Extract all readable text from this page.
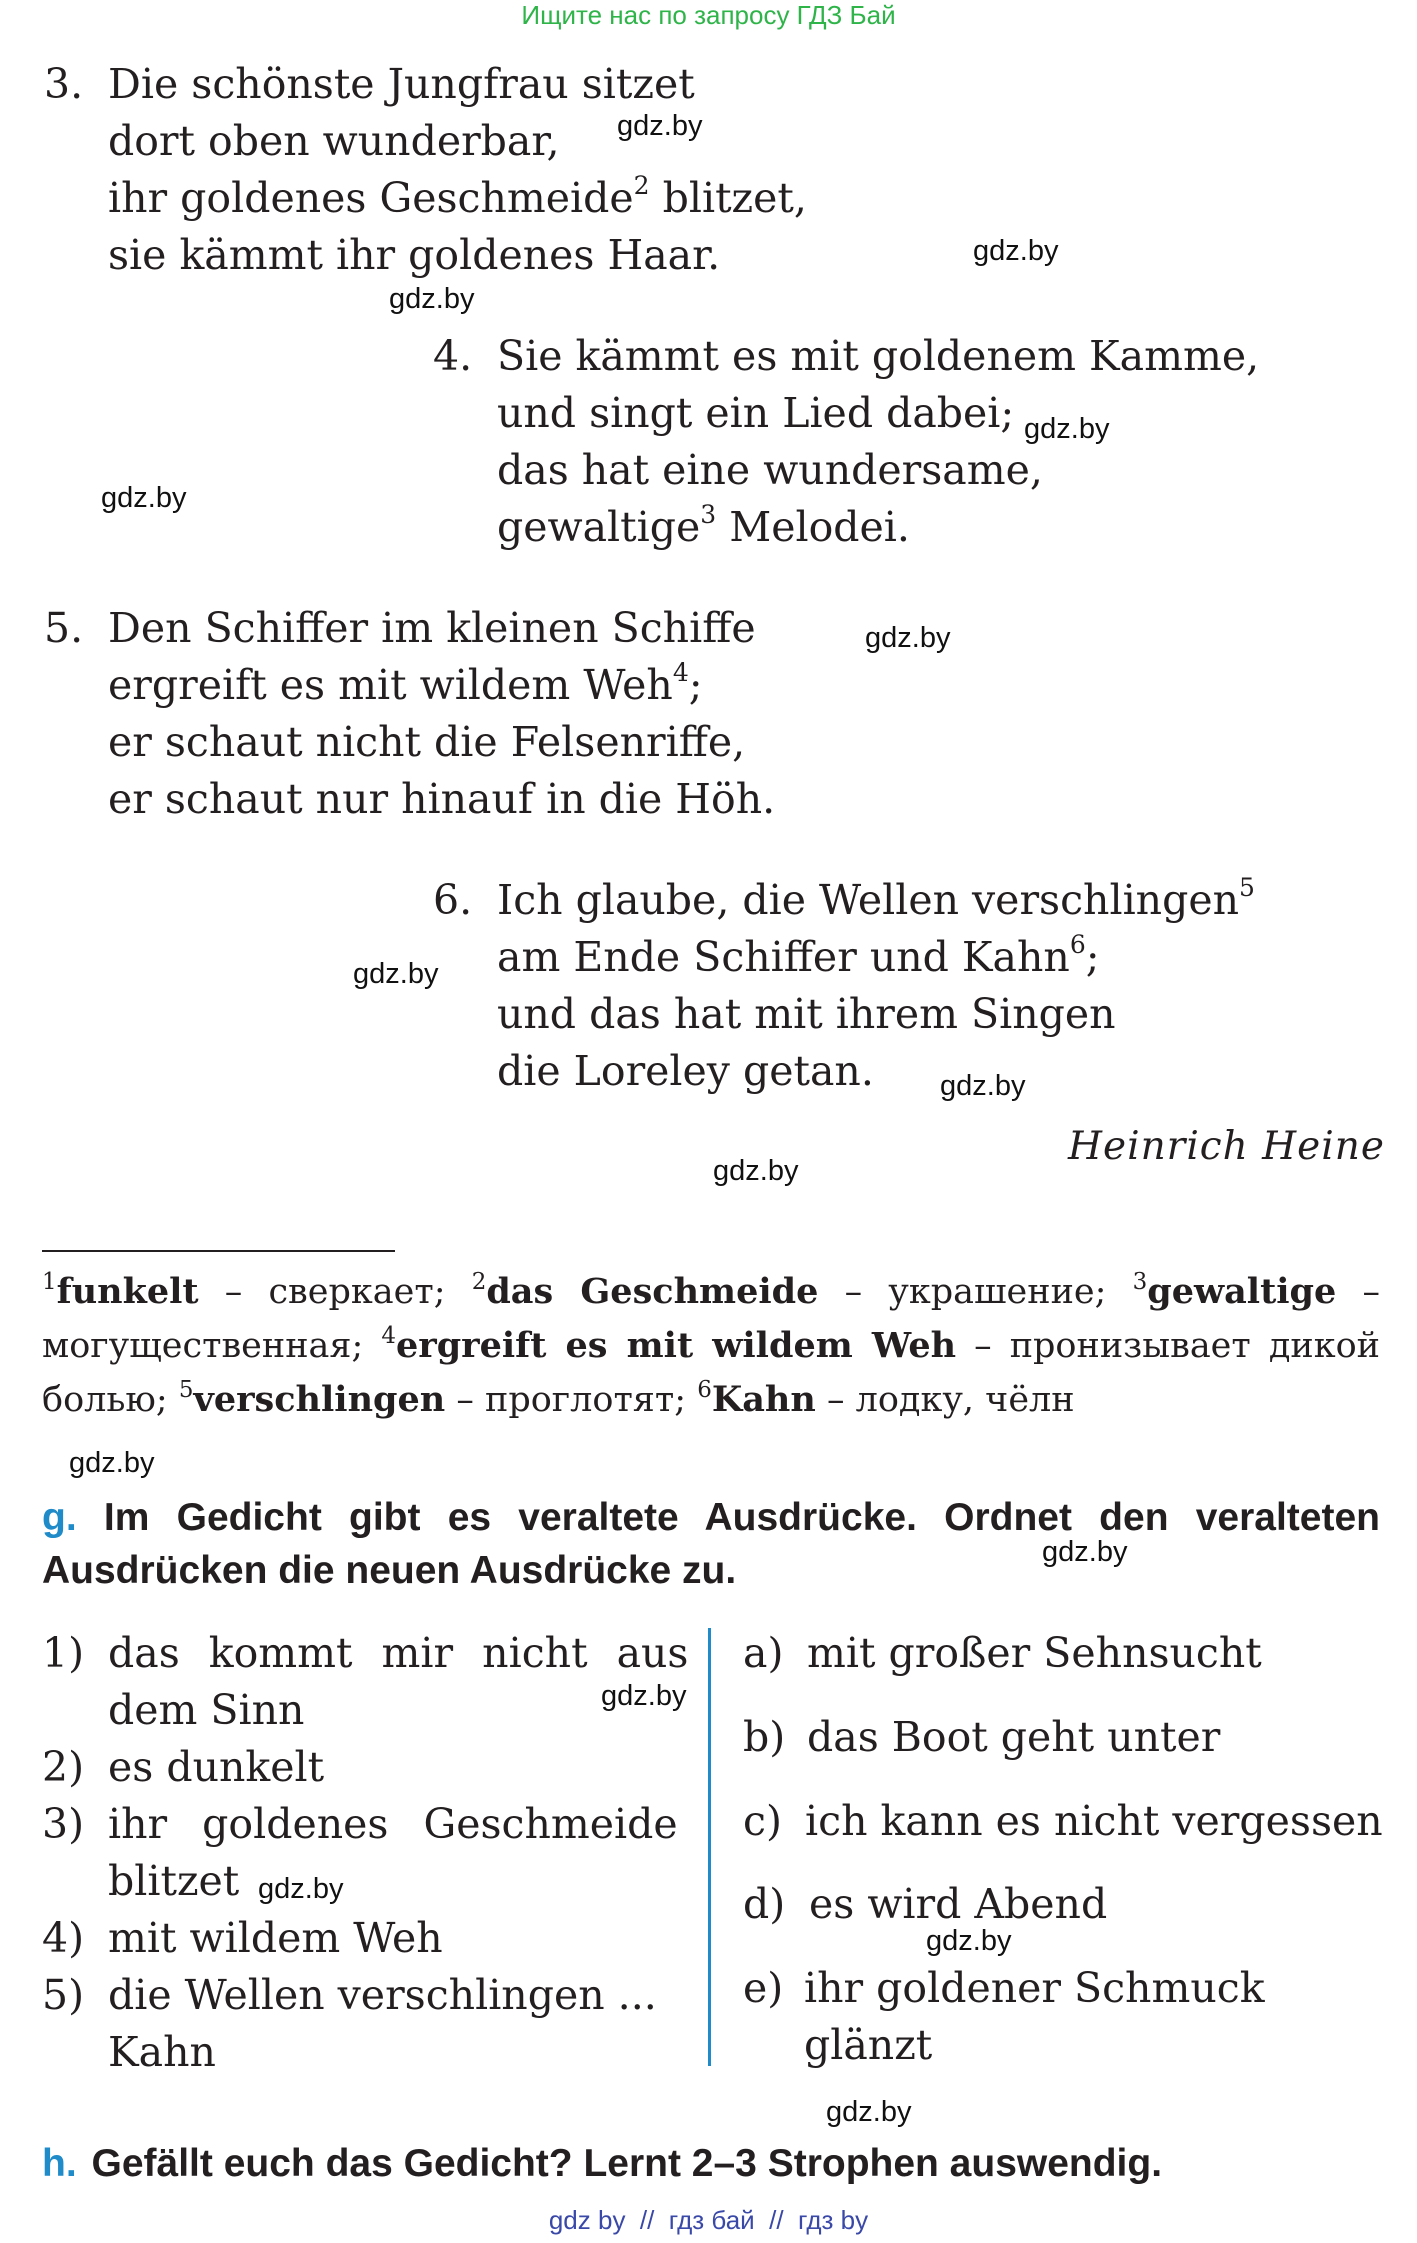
Ищите нас по запросу ГДЗ Бай
3. Die schönste Jungfrau sitzet
dort oben wunderbar,
ihr goldenes Geschmeide$^2$ blitzet,
sie kämmt ihr goldenes Haar.
4. Sie kämmt es mit goldenem Kamme,
und singt ein Lied dabei;
das hat eine wundersame,
gewaltige$^3$ Melodei.
5. Den Schiffer im kleinen Schiffe
ergreift es mit wildem Weh$^4$;
er schaut nicht die Felsenriffe,
er schaut nur hinauf in die Höh.
6. Ich glaube, die Wellen verschlingen$^5$
am Ende Schiffer und Kahn$^6$;
und das hat mit ihrem Singen
die Loreley getan.
Heinrich Heine
gdz.by
gdz.by
gdz.by
gdz.by
gdz.by
gdz.by
gdz.by
gdz.by
gdz.by
gdz.by
gdz.by
gdz.by
gdz.by
gdz.by
gdz.by
$^1$funkelt – сверкает; $^2$das Geschmeide – украшение; $^3$gewaltige – могущественная; $^4$ergreift es mit wildem Weh – пронизывает дикой болью; $^5$verschlingen – проглотят; $^6$Kahn – лодку, чёлн
g. Im Gedicht gibt es veraltete Ausdrücke. Ordnet den veralteten Ausdrücken die neuen Ausdrücke zu.
1) das kommt mir nicht aus
dem Sinn
2) es dunkelt
3) ihr goldenes Geschmeide
blitzet
4) mit wildem Weh
5) die Wellen verschlingen ...
Kahn
a) mit großer Sehnsucht
b) das Boot geht unter
c) ich kann es nicht vergessen
d) es wird Abend
e) ihr goldener Schmuck
glänzt
h. Gefällt euch das Gedicht? Lernt 2–3 Strophen auswendig.
gdz by  //  гдз бай  //  гдз by
